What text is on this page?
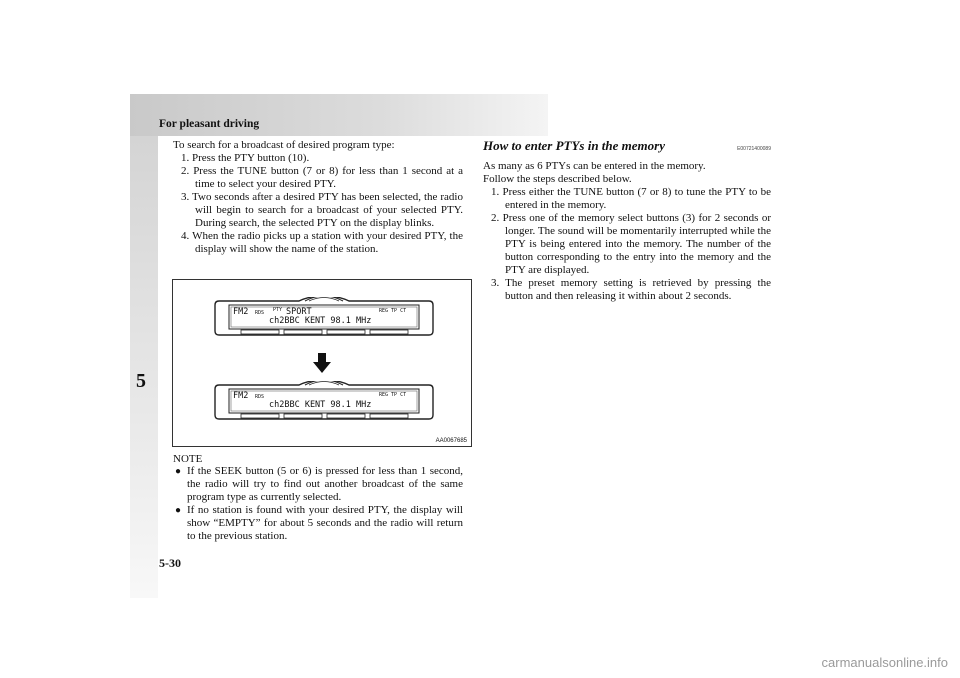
For pleasant driving
5
5-30

To search for a broadcast of desired program type:

1. Press the PTY button (10).
2. Press the TUNE button (7 or 8) for less than 1 second at a time to select your desired PTY.
3. Two seconds after a desired PTY has been selected, the radio will begin to search for a broadcast of your selected PTY. During search, the selected PTY on the display blinks.
4. When the radio picks up a station with your desired PTY, the display will show the name of the station.
FM2 RDS PTY SPORT	REG TP CT
ch2BBC KENT 98.1 MHz
FM2 RDS	REG TP CT
ch2BBC KENT 98.1 MHz
AA0067685
NOTE
● If the SEEK button (5 or 6) is pressed for less than 1 second, the radio will try to find out another broadcast of the same program type as currently selected.
● If no station is found with your desired PTY, the display will show “EMPTY” for about 5 seconds and the radio will return to the previous station.
How to enter PTYs in the memory	E00721400089

As many as 6 PTYs can be entered in the memory.

Follow the steps described below.

1. Press either the TUNE button (7 or 8) to tune the PTY to be entered in the memory.
2. Press one of the memory select buttons (3) for 2 seconds or longer. The sound will be momentarily interrupted while the PTY is being entered into the memory. The number of the button corresponding to the entry into the memory and the PTY are displayed.
3. The preset memory setting is retrieved by pressing the button and then releasing it within about 2 seconds.
carmanualsonline.info
